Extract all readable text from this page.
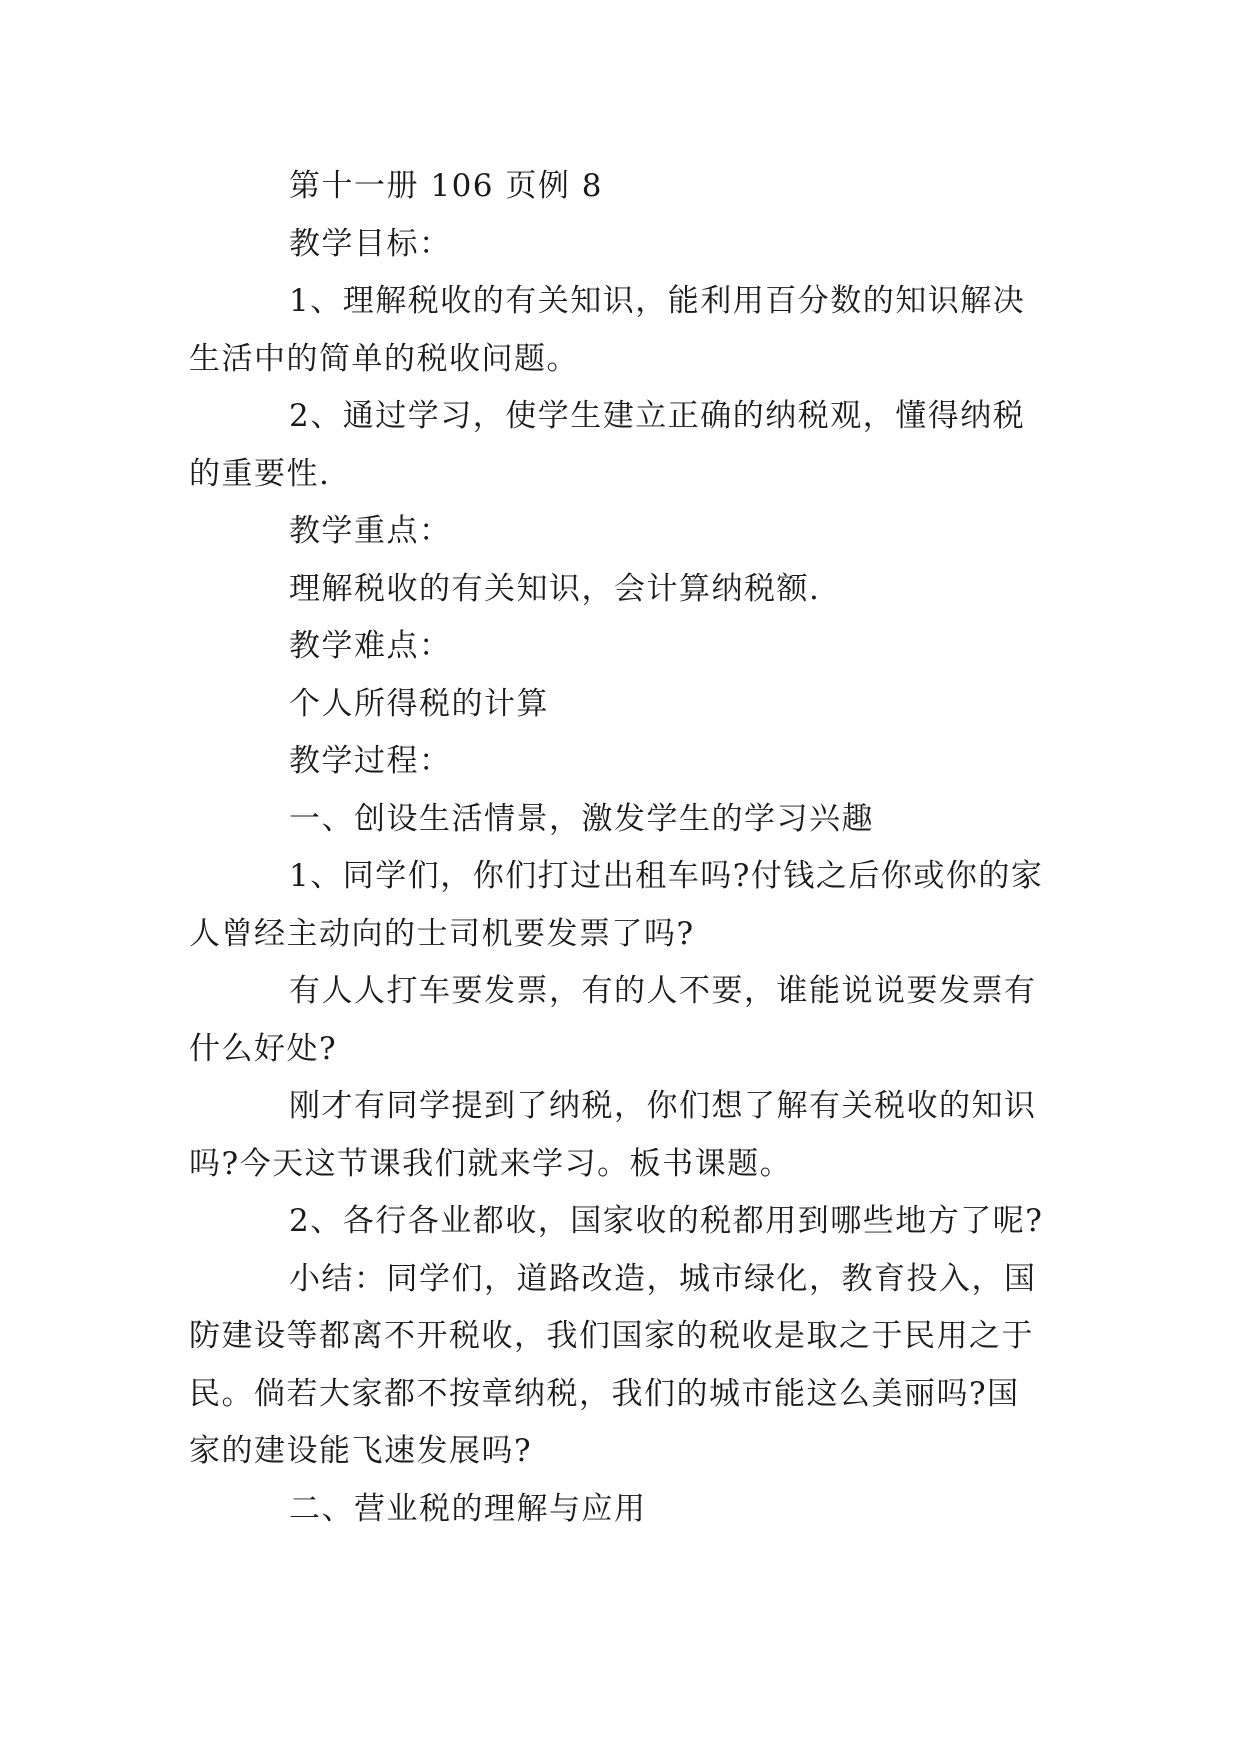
第十一册 106 页例 8

教学目标：

1、理解税收的有关知识，能利用百分数的知识解决生活中的简单的税收问题。

2、通过学习，使学生建立正确的纳税观，懂得纳税的重要性.

教学重点：

理解税收的有关知识，会计算纳税额.

教学难点：

个人所得税的计算

教学过程：

一、创设生活情景，激发学生的学习兴趣

1、同学们，你们打过出租车吗?付钱之后你或你的家人曾经主动向的士司机要发票了吗?

有人人打车要发票，有的人不要，谁能说说要发票有什么好处?

刚才有同学提到了纳税，你们想了解有关税收的知识吗?今天这节课我们就来学习。板书课题。

2、各行各业都收，国家收的税都用到哪些地方了呢?

小结：同学们，道路改造，城市绿化，教育投入，国防建设等都离不开税收，我们国家的税收是取之于民用之于民。倘若大家都不按章纳税，我们的城市能这么美丽吗?国家的建设能飞速发展吗?

二、营业税的理解与应用
